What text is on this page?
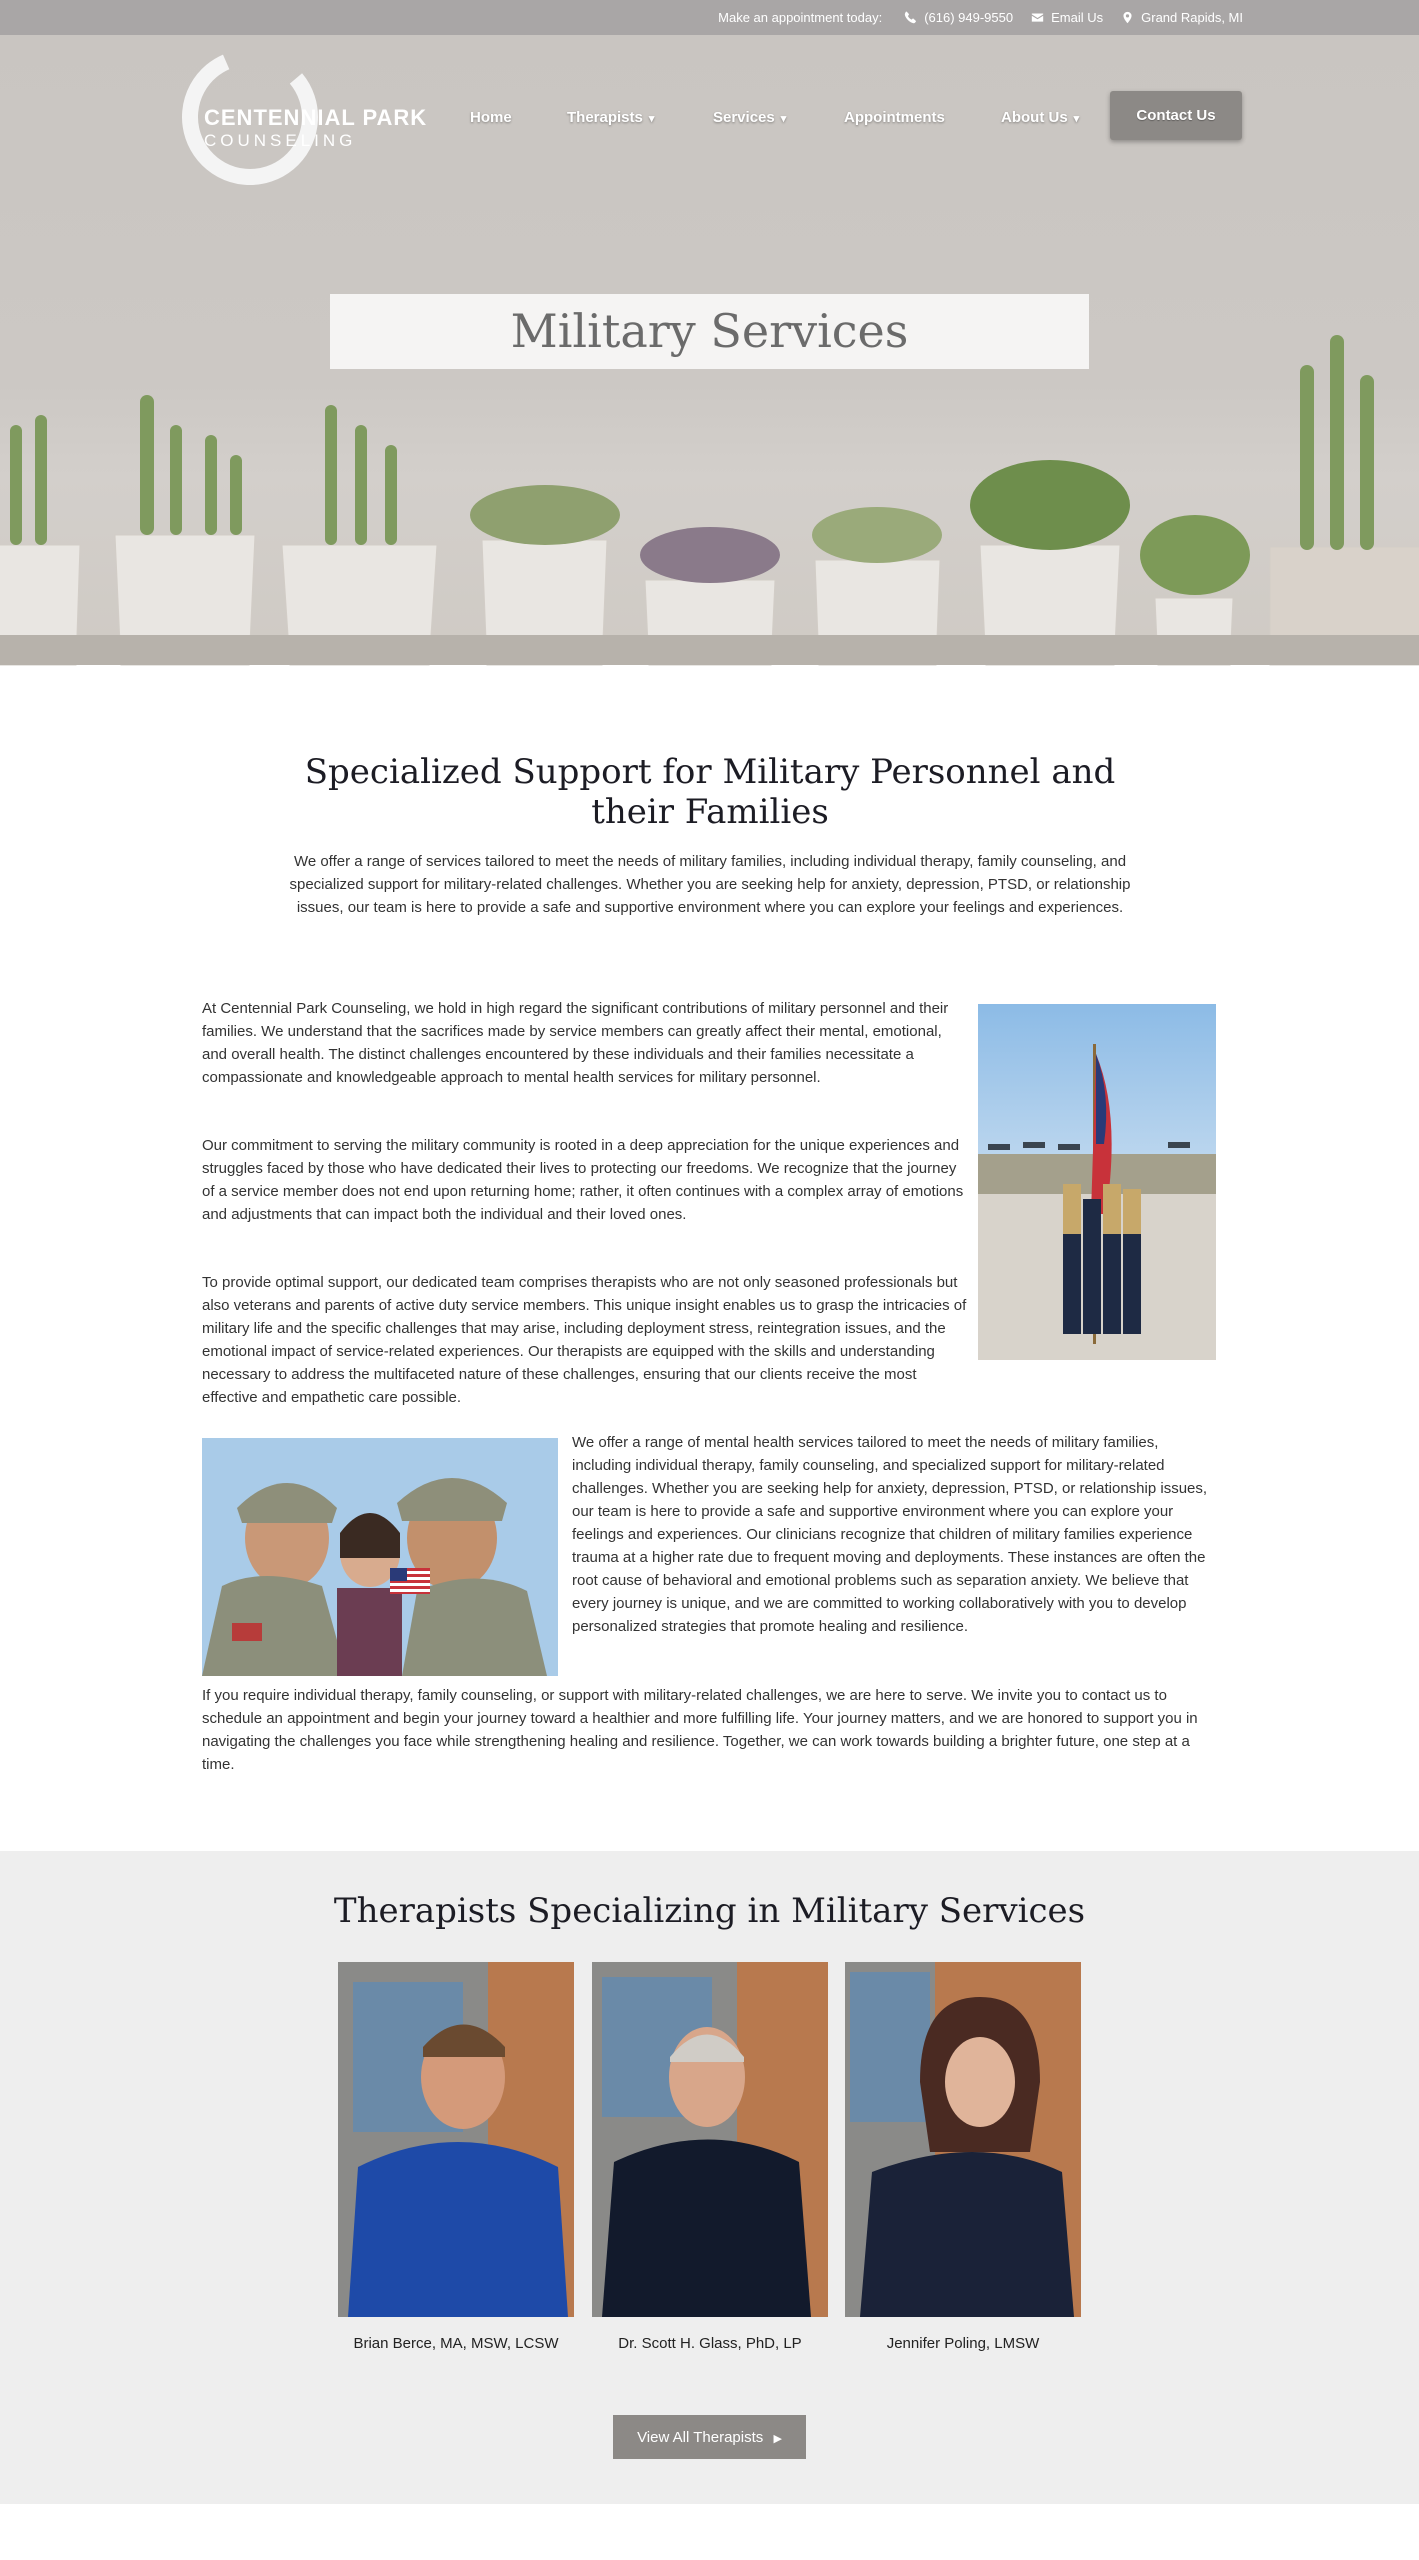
Make an appointment today:	(616) 949-9550	Email Us	Grand Rapids, MI
CENTENNIAL PARK
COUNSELING
Home	Therapists ▾	Services ▾	Appointments	About Us ▾
Military Services
Contact Us
Specialized Support for Military Personnel and their Families

We offer a range of services tailored to meet the needs of military families, including individual therapy, family counseling, and specialized support for military-related challenges. Whether you are seeking help for anxiety, depression, PTSD, or relationship issues, our team is here to provide a safe and supportive environment where you can explore your feelings and experiences.

At Centennial Park Counseling, we hold in high regard the significant contributions of military personnel and their families. We understand that the sacrifices made by service members can greatly affect their mental, emotional, and overall health. The distinct challenges encountered by these individuals and their families necessitate a compassionate and knowledgeable approach to mental health services for military personnel.

Our commitment to serving the military community is rooted in a deep appreciation for the unique experiences and struggles faced by those who have dedicated their lives to protecting our freedoms. We recognize that the journey of a service member does not end upon returning home; rather, it often continues with a complex array of emotions and adjustments that can impact both the individual and their loved ones.

To provide optimal support, our dedicated team comprises therapists who are not only seasoned professionals but also veterans and parents of active duty service members. This unique insight enables us to grasp the intricacies of military life and the specific challenges that may arise, including deployment stress, reintegration issues, and the emotional impact of service-related experiences. Our therapists are equipped with the skills and understanding necessary to address the multifaceted nature of these challenges, ensuring that our clients receive the most effective and empathetic care possible.

We offer a range of mental health services tailored to meet the needs of military families, including individual therapy, family counseling, and specialized support for military-related challenges. Whether you are seeking help for anxiety, depression, PTSD, or relationship issues, our team is here to provide a safe and supportive environment where you can explore your feelings and experiences. Our clinicians recognize that children of military families experience trauma at a higher rate due to frequent moving and deployments. These instances are often the root cause of behavioral and emotional problems such as separation anxiety. We believe that every journey is unique, and we are committed to working collaboratively with you to develop personalized strategies that promote healing and resilience.

If you require individual therapy, family counseling, or support with military-related challenges, we are here to serve. We invite you to contact us to schedule an appointment and begin your journey toward a healthier and more fulfilling life. Your journey matters, and we are honored to support you in navigating the challenges you face while strengthening healing and resilience. Together, we can work towards building a brighter future, one step at a time.

Therapists Specializing in Military Services
Brian Berce, MA, MSW, LCSW	Dr. Scott H. Glass, PhD, LP	Jennifer Poling, LMSW
View All Therapists ▶
